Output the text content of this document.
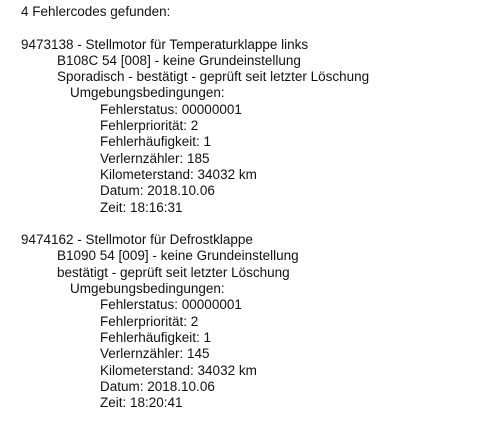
4 Fehlercodes gefunden:
9473138 - Stellmotor für Temperaturklappe links
B108C 54 [008] - keine Grundeinstellung
Sporadisch - bestätigt - geprüft seit letzter Löschung
Umgebungsbedingungen:
Fehlerstatus: 00000001
Fehlerpriorität: 2
Fehlerhäufigkeit: 1
Verlernzähler: 185
Kilometerstand: 34032 km
Datum: 2018.10.06
Zeit: 18:16:31
9474162 - Stellmotor für Defrostklappe
B1090 54 [009] - keine Grundeinstellung
bestätigt - geprüft seit letzter Löschung
Umgebungsbedingungen:
Fehlerstatus: 00000001
Fehlerpriorität: 2
Fehlerhäufigkeit: 1
Verlernzähler: 145
Kilometerstand: 34032 km
Datum: 2018.10.06
Zeit: 18:20:41
